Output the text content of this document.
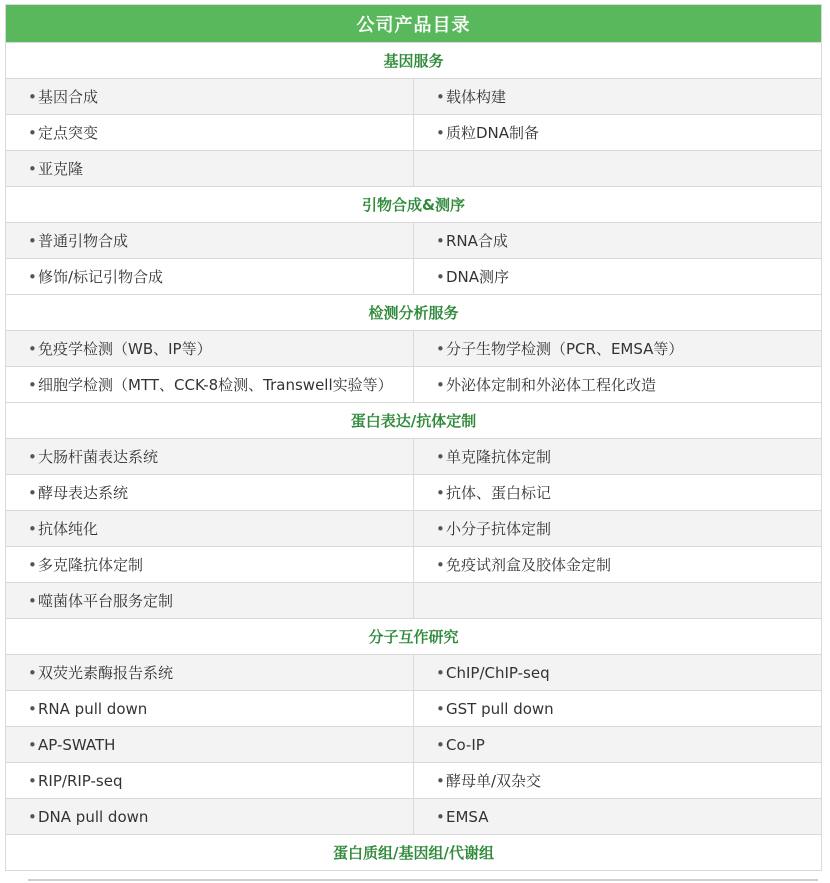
公司产品目录	
基因服务	
•基因合成	•载体构建
•定点突变	•质粒DNA制备
•亚克隆	
引物合成&测序	
•普通引物合成	•RNA合成
•修饰/标记引物合成	•DNA测序
检测分析服务	
•免疫学检测（WB、IP等）	•分子生物学检测（PCR、EMSA等）
•细胞学检测（MTT、CCK-8检测、Transwell实验等）	•外泌体定制和外泌体工程化改造
蛋白表达/抗体定制	
•大肠杆菌表达系统	•单克隆抗体定制
•酵母表达系统	•抗体、蛋白标记
•抗体纯化	•小分子抗体定制
•多克隆抗体定制	•免疫试剂盒及胶体金定制
•噬菌体平台服务定制	
分子互作研究	
•双荧光素酶报告系统	•ChIP/ChIP-seq
•RNA pull down	•GST pull down
•AP-SWATH	•Co-IP
•RIP/RIP-seq	•酵母单/双杂交
•DNA pull down	•EMSA
蛋白质组/基因组/代谢组	
